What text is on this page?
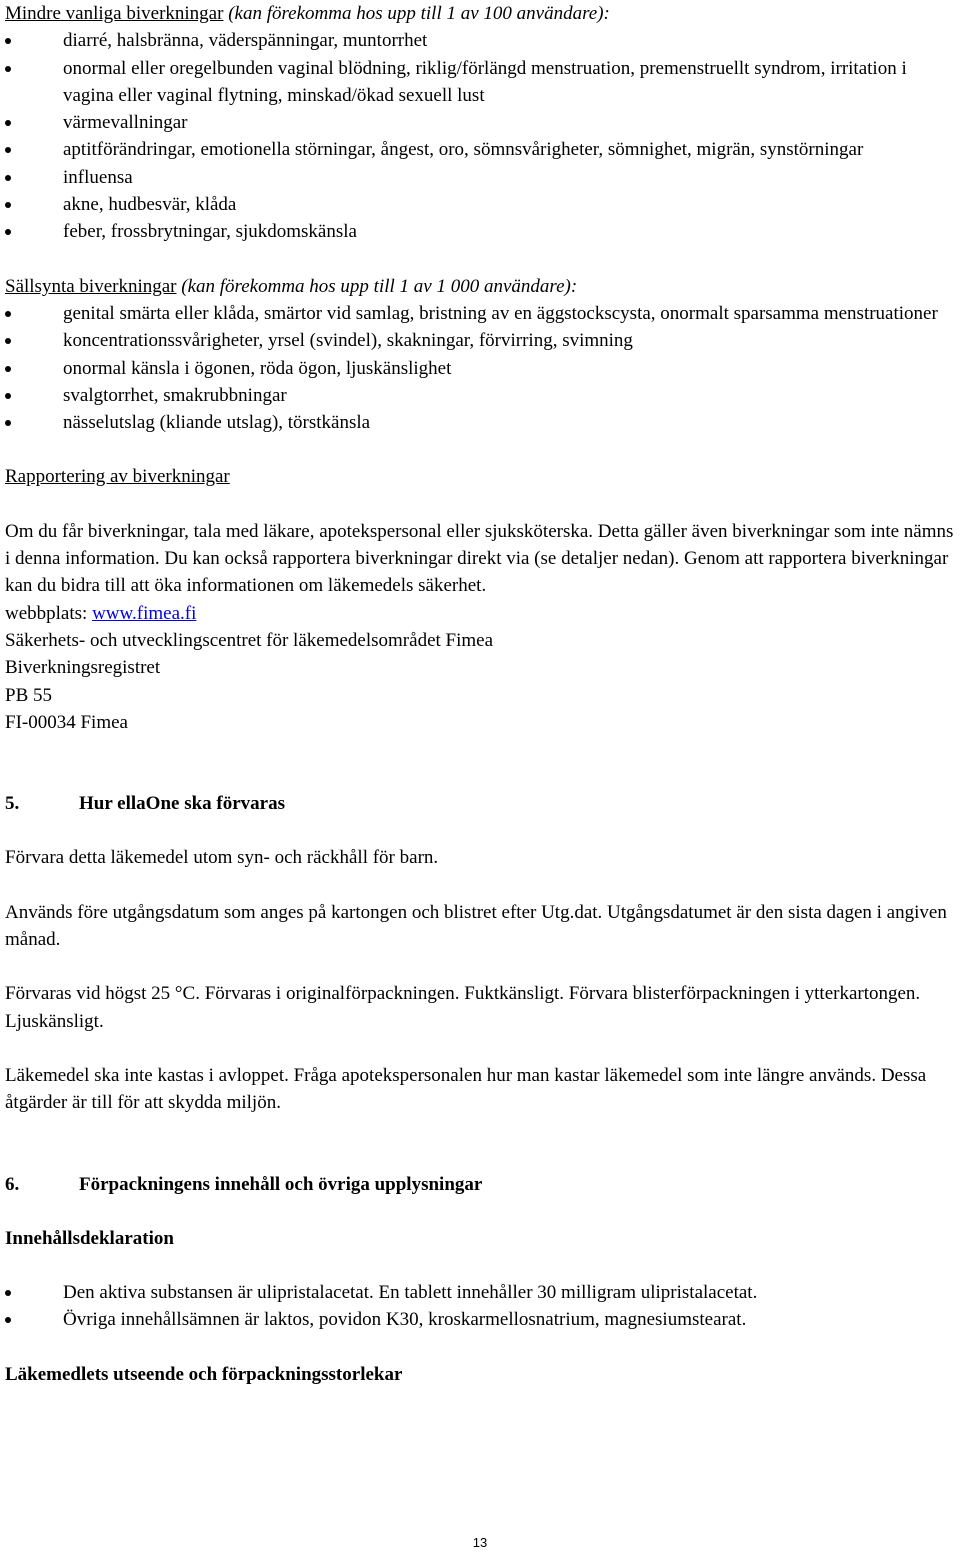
Mindre vanliga biverkningar (kan förekomma hos upp till 1 av 100 användare):

diarré, halsbränna, väderspänningar, muntorrhet
onormal eller oregelbunden vaginal blödning, riklig/förlängd menstruation, premenstruellt syndrom, irritation i vagina eller vaginal flytning, minskad/ökad sexuell lust
värmevallningar
aptitförändringar, emotionella störningar, ångest, oro, sömnsvårigheter, sömnighet, migrän, synstörningar
influensa
akne, hudbesvär, klåda
feber, frossbrytningar, sjukdomskänsla

Sällsynta biverkningar (kan förekomma hos upp till 1 av 1 000 användare):

genital smärta eller klåda, smärtor vid samlag, bristning av en äggstockscysta, onormalt sparsamma menstruationer
koncentrationssvårigheter, yrsel (svindel), skakningar, förvirring, svimning
onormal känsla i ögonen, röda ögon, ljuskänslighet
svalgtorrhet, smakrubbningar
nässelutslag (kliande utslag), törstkänsla

Rapportering av biverkningar

Om du får biverkningar, tala med läkare, apotekspersonal eller sjuksköterska. Detta gäller även biverkningar som inte nämns i denna information. Du kan också rapportera biverkningar direkt via (se detaljer nedan). Genom att rapportera biverkningar kan du bidra till att öka informationen om läkemedels säkerhet.

webbplats: www.fimea.fi

Säkerhets- och utvecklingscentret för läkemedelsområdet Fimea

Biverkningsregistret

PB 55

FI-00034 Fimea

5.	Hur ellaOne ska förvaras

Förvara detta läkemedel utom syn- och räckhåll för barn.

Används före utgångsdatum som anges på kartongen och blistret efter Utg.dat. Utgångsdatumet är den sista dagen i angiven månad.

Förvaras vid högst 25 °C. Förvaras i originalförpackningen. Fuktkänsligt. Förvara blisterförpackningen i ytterkartongen. Ljuskänsligt.

Läkemedel ska inte kastas i avloppet. Fråga apotekspersonalen hur man kastar läkemedel som inte längre används. Dessa åtgärder är till för att skydda miljön.

6.	Förpackningens innehåll och övriga upplysningar

Innehållsdeklaration

Den aktiva substansen är ulipristalacetat. En tablett innehåller 30 milligram ulipristalacetat.
Övriga innehållsämnen är laktos, povidon K30, kroskarmellosnatrium, magnesiumstearat.

Läkemedlets utseende och förpackningsstorlekar

13
